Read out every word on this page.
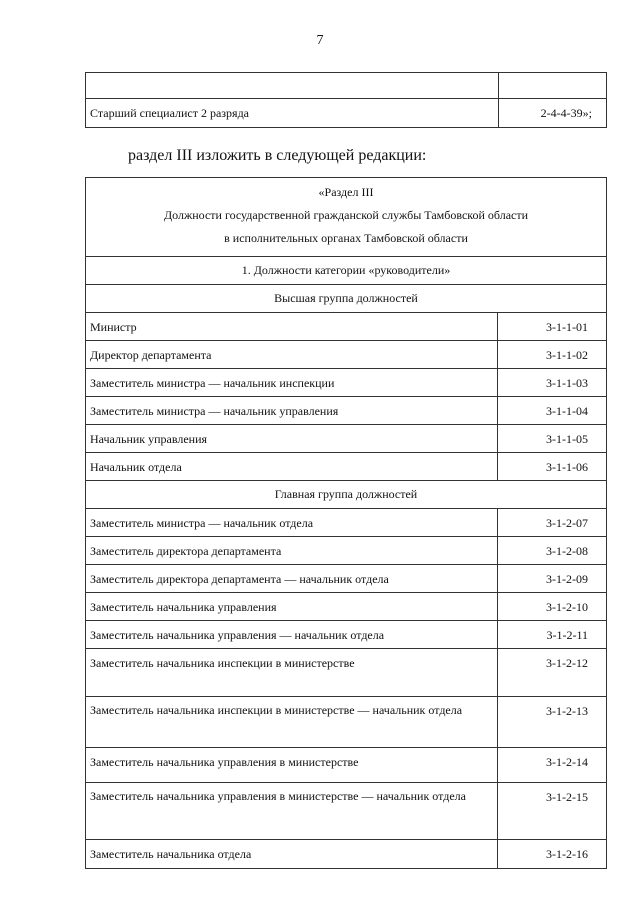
7
Старший специалист 2 разряда	2-4-4-39»;
раздел III изложить в следующей редакции:
«Раздел III
Должности государственной гражданской службы Тамбовской области
в исполнительных органах Тамбовской области
1. Должности категории «руководители»
Высшая группа должностей
Министр	3-1-1-01
Директор департамента	3-1-1-02
Заместитель министра — начальник инспекции	3-1-1-03
Заместитель министра — начальник управления	3-1-1-04
Начальник управления	3-1-1-05
Начальник отдела	3-1-1-06
Главная группа должностей
Заместитель министра — начальник отдела	3-1-2-07
Заместитель директора департамента	3-1-2-08
Заместитель директора департамента — начальник отдела	3-1-2-09
Заместитель начальника управления	3-1-2-10
Заместитель начальника управления — начальник отдела	3-1-2-11
Заместитель начальника инспекции в министерстве	3-1-2-12
Заместитель начальника инспекции в министерстве — начальник отдела	3-1-2-13
Заместитель начальника управления в министерстве	3-1-2-14
Заместитель начальника управления в министерстве — начальник отдела	3-1-2-15
Заместитель начальника отдела	3-1-2-16
